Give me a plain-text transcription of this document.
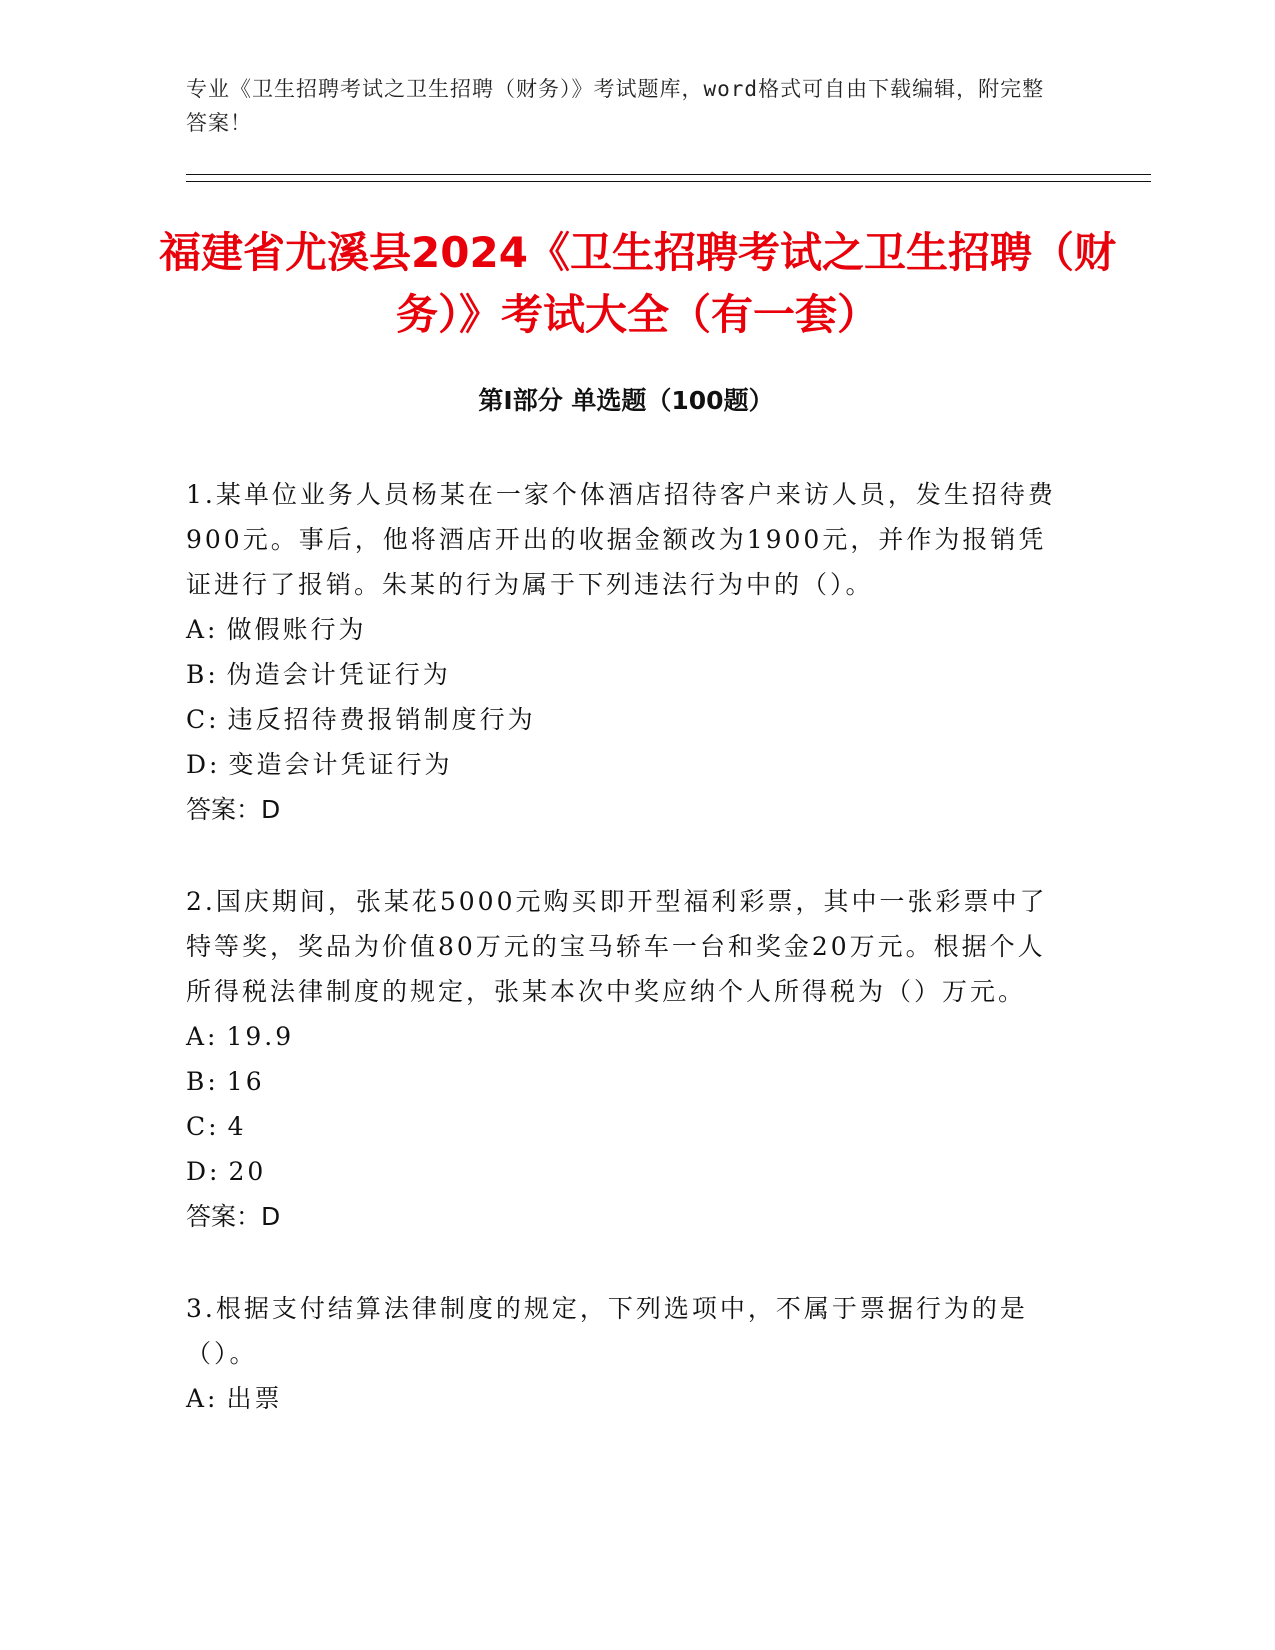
专业《卫生招聘考试之卫生招聘（财务）》考试题库，word格式可自由下载编辑，附完整答案！
福建省尤溪县2024《卫生招聘考试之卫生招聘（财务）》考试大全（有一套）
第Ⅰ部分 单选题（100题）

1.某单位业务人员杨某在一家个体酒店招待客户来访人员，发生招待费900元。事后，他将酒店开出的收据金额改为1900元，并作为报销凭证进行了报销。朱某的行为属于下列违法行为中的（）。

A: 做假账行为

B: 伪造会计凭证行为

C: 违反招待费报销制度行为

D: 变造会计凭证行为

答案：D

2.国庆期间，张某花5000元购买即开型福利彩票，其中一张彩票中了特等奖，奖品为价值80万元的宝马轿车一台和奖金20万元。根据个人所得税法律制度的规定，张某本次中奖应纳个人所得税为（）万元。

A: 19.9

B: 16

C: 4

D: 20

答案：D

3.根据支付结算法律制度的规定，下列选项中，不属于票据行为的是（）。

A: 出票
